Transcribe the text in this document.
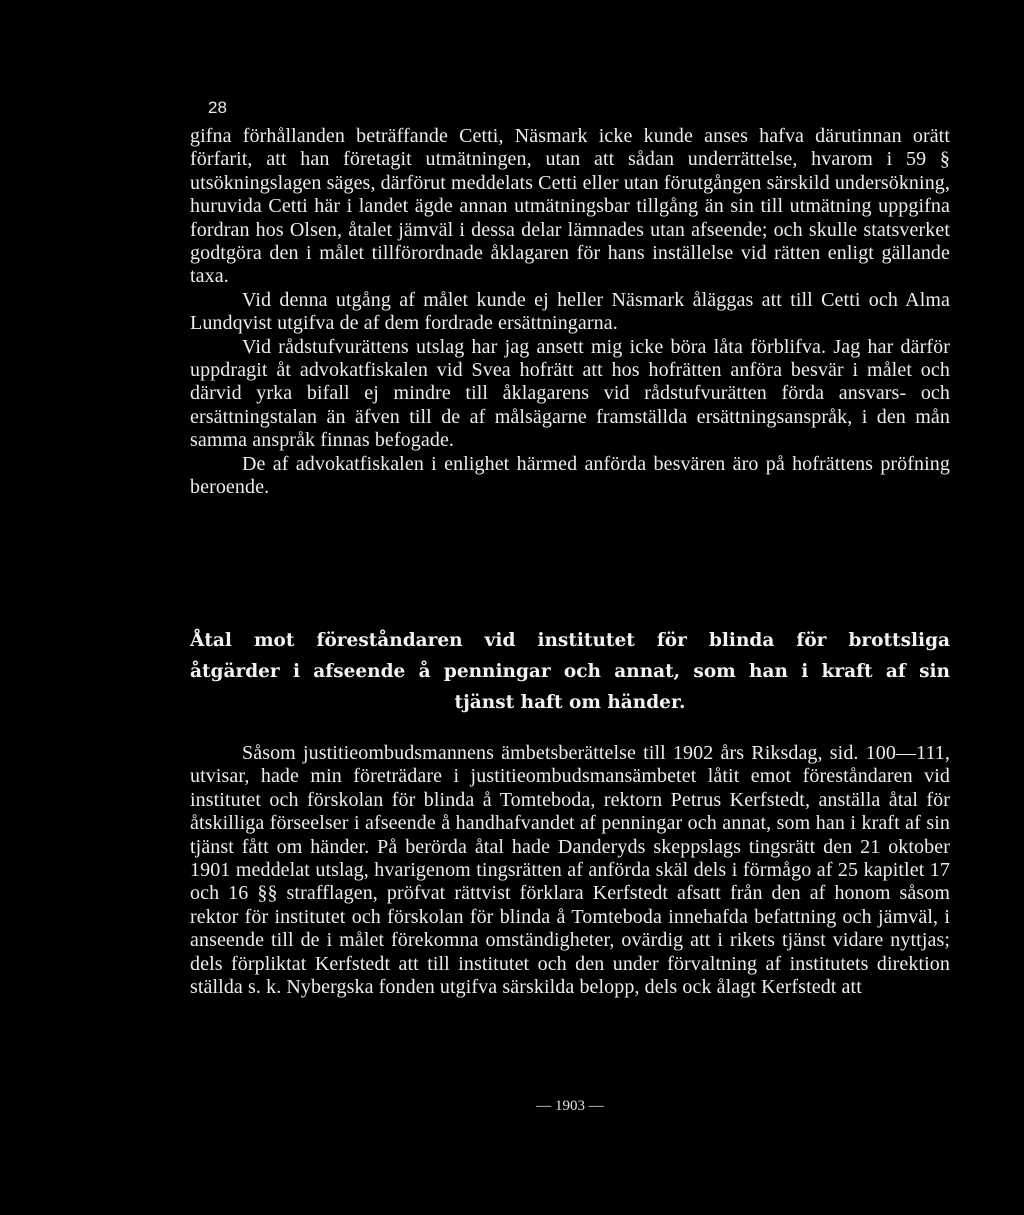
28

gifna förhållanden beträffande Cetti, Näsmark icke kunde anses hafva därutinnan orätt förfarit, att han företagit utmätningen, utan att sådan underrättelse, hvarom i 59 § utsökningslagen säges, därförut meddelats Cetti eller utan förutgången särskild undersökning, huruvida Cetti här i landet ägde annan utmätningsbar tillgång än sin till utmätning uppgifna fordran hos Olsen, åtalet jämväl i dessa delar lämnades utan afseende; och skulle statsverket godtgöra den i målet tillförordnade åklagaren för hans inställelse vid rätten enligt gällande taxa.

Vid denna utgång af målet kunde ej heller Näsmark åläggas att till Cetti och Alma Lundqvist utgifva de af dem fordrade ersättningarna.

Vid rådstufvurättens utslag har jag ansett mig icke böra låta förblifva. Jag har därför uppdragit åt advokatfiskalen vid Svea hofrätt att hos hofrätten anföra besvär i målet och därvid yrka bifall ej mindre till åklagarens vid rådstufvurätten förda ansvars- och ersättningstalan än äfven till de af målsägarne framställda ersättningsanspråk, i den mån samma anspråk finnas befogade.

De af advokatfiskalen i enlighet härmed anförda besvären äro på hofrättens pröfning beroende.

Åtal mot föreståndaren vid institutet för blinda för brottsliga
åtgärder i afseende å penningar och annat, som han i kraft af sin
tjänst haft om händer.

Såsom justitieombudsmannens ämbetsberättelse till 1902 års Riksdag, sid. 100—111, utvisar, hade min företrädare i justitieombudsmansämbetet låtit emot föreståndaren vid institutet och förskolan för blinda å Tomteboda, rektorn Petrus Kerfstedt, anställa åtal för åtskilliga förseelser i afseende å handhafvandet af penningar och annat, som han i kraft af sin tjänst fått om händer. På berörda åtal hade Danderyds skeppslags tingsrätt den 21 oktober 1901 meddelat utslag, hvarigenom tingsrätten af anförda skäl dels i förmågo af 25 kapitlet 17 och 16 §§ strafflagen, pröfvat rättvist förklara Kerfstedt afsatt från den af honom såsom rektor för institutet och förskolan för blinda å Tomteboda innehafda befattning och jämväl, i anseende till de i målet förekomna omständigheter, ovärdig att i rikets tjänst vidare nyttjas; dels förpliktat Kerfstedt att till institutet och den under förvaltning af institutets direktion ställda s. k. Nybergska fonden utgifva särskilda belopp, dels ock ålagt Kerfstedt att

— 1903 —
